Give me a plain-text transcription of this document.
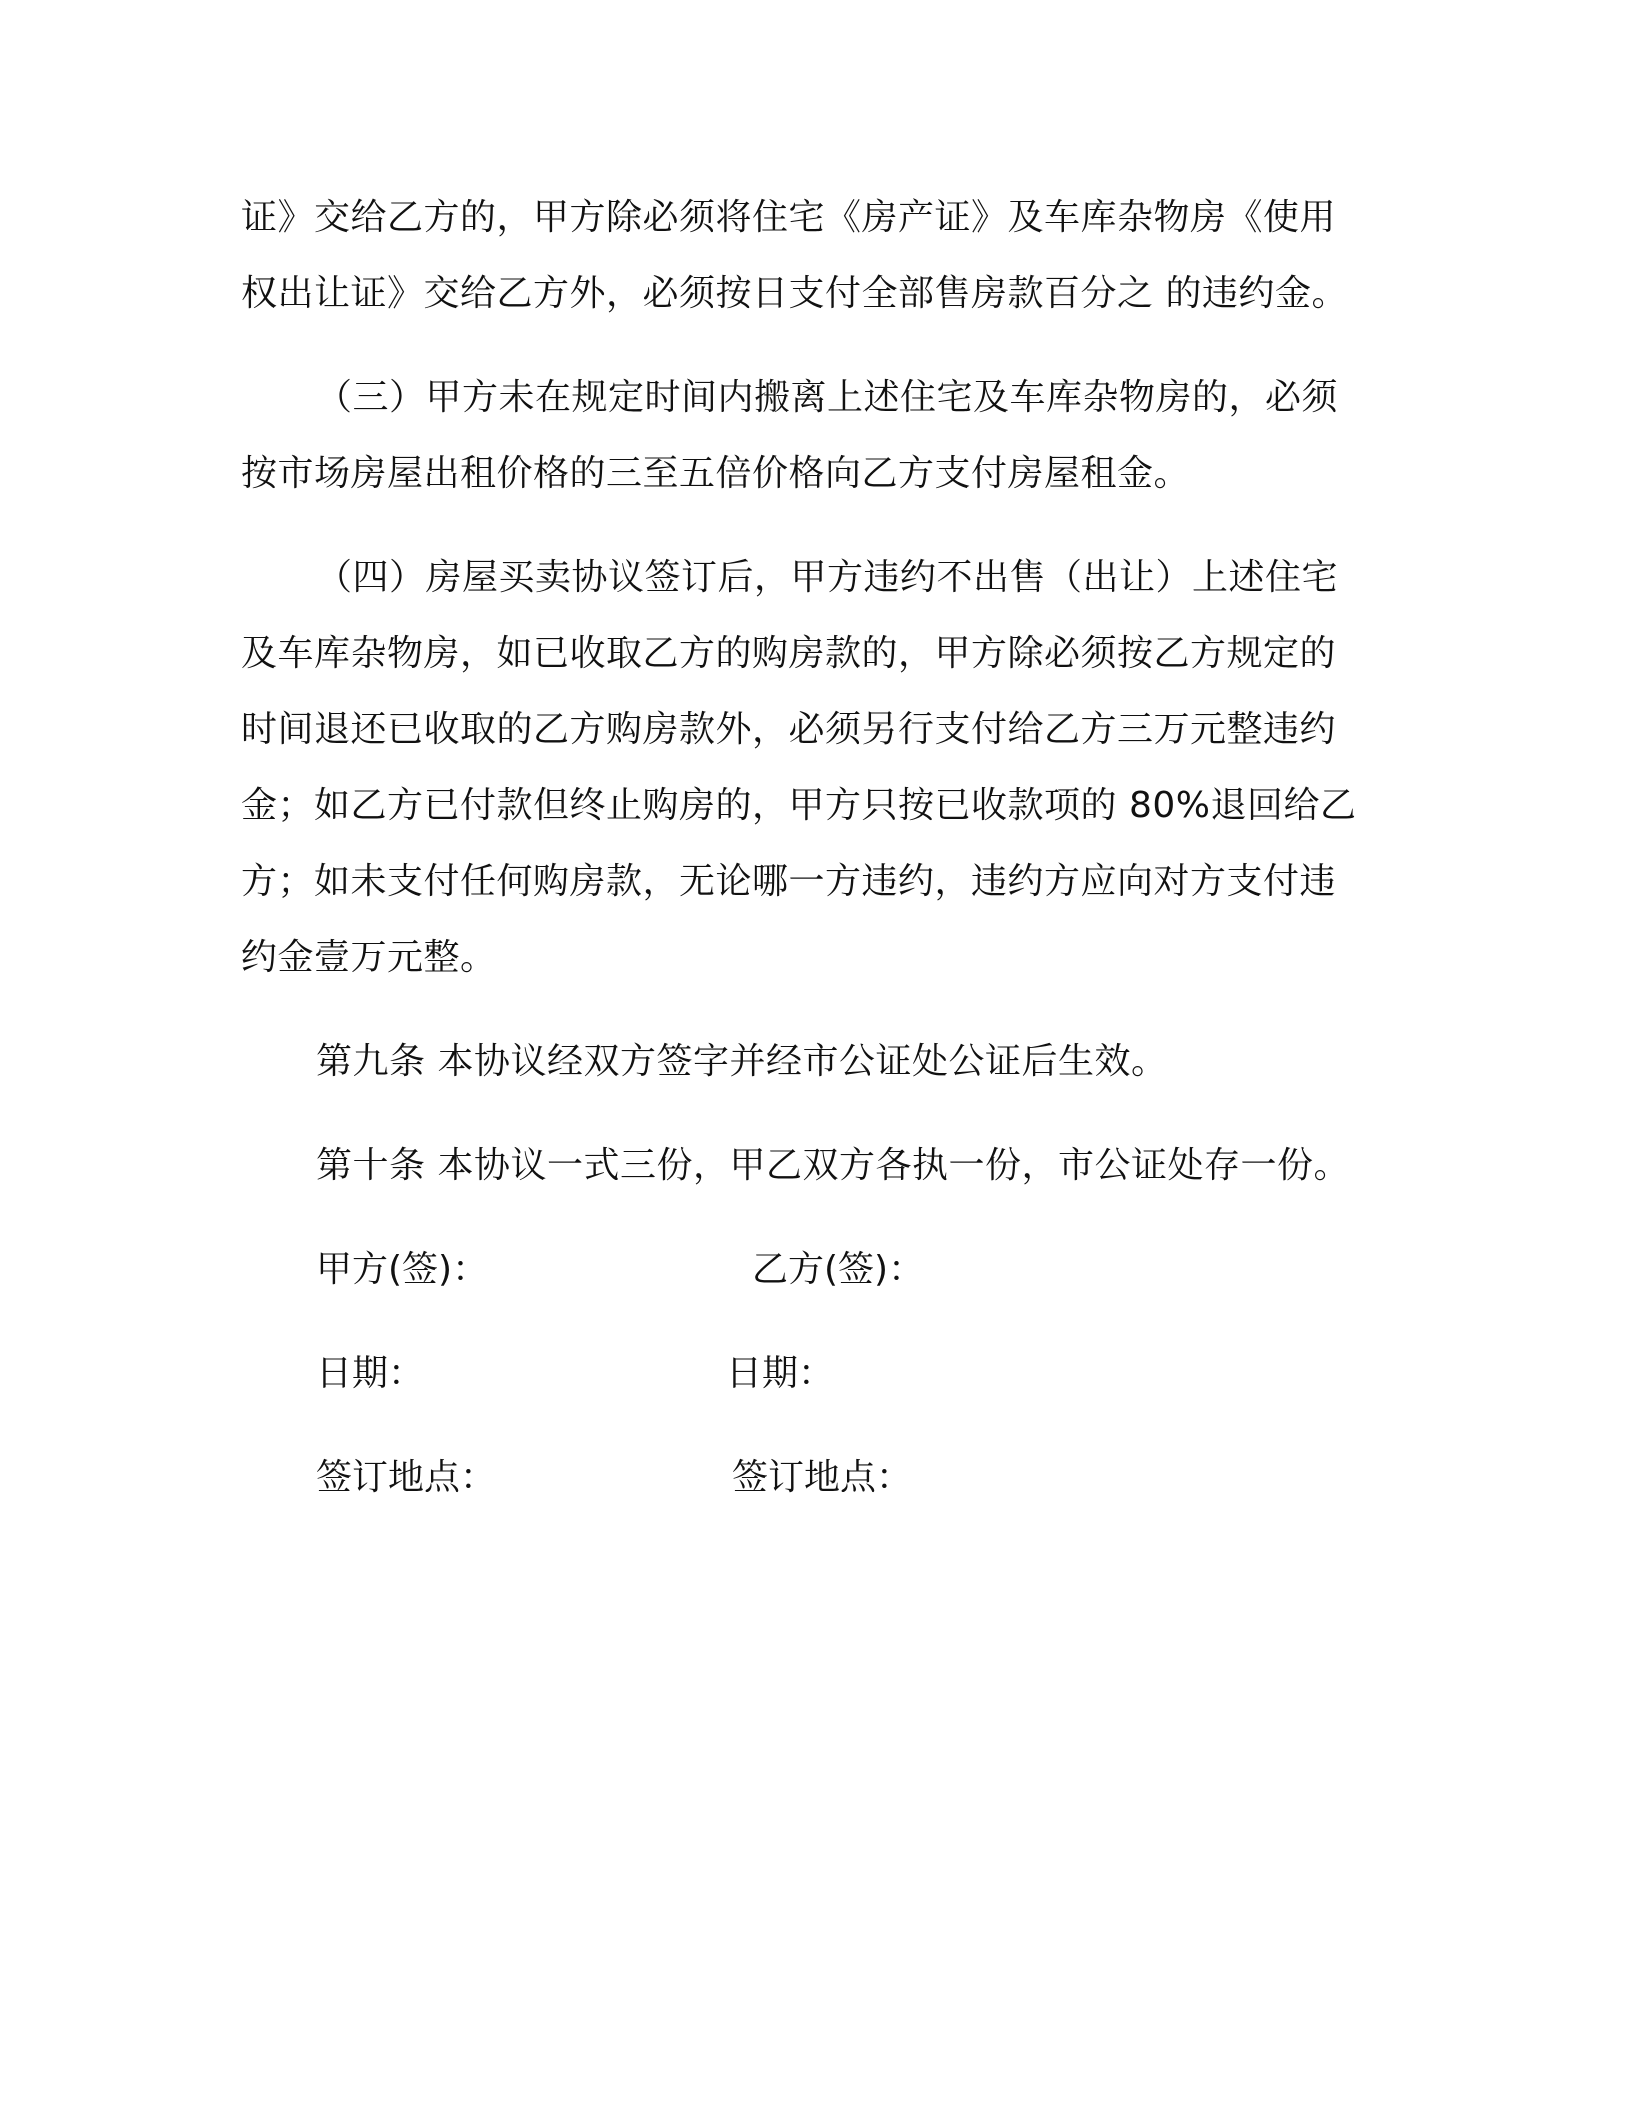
证》交给乙方的，甲方除必须将住宅《房产证》及车库杂物房《使用
权出让证》交给乙方外，必须按日支付全部售房款百分之 的违约金。
（三）甲方未在规定时间内搬离上述住宅及车库杂物房的，必须
按市场房屋出租价格的三至五倍价格向乙方支付房屋租金。
（四）房屋买卖协议签订后，甲方违约不出售（出让）上述住宅
及车库杂物房，如已收取乙方的购房款的，甲方除必须按乙方规定的
时间退还已收取的乙方购房款外，必须另行支付给乙方三万元整违约
金；如乙方已付款但终止购房的，甲方只按已收款项的 80%退回给乙
方；如未支付任何购房款，无论哪一方违约，违约方应向对方支付违
约金壹万元整。
第九条 本协议经双方签字并经市公证处公证后生效。
第十条 本协议一式三份，甲乙双方各执一份，市公证处存一份。
甲方(签)：	乙方(签)：
日期：	日期：
签订地点：	签订地点：
